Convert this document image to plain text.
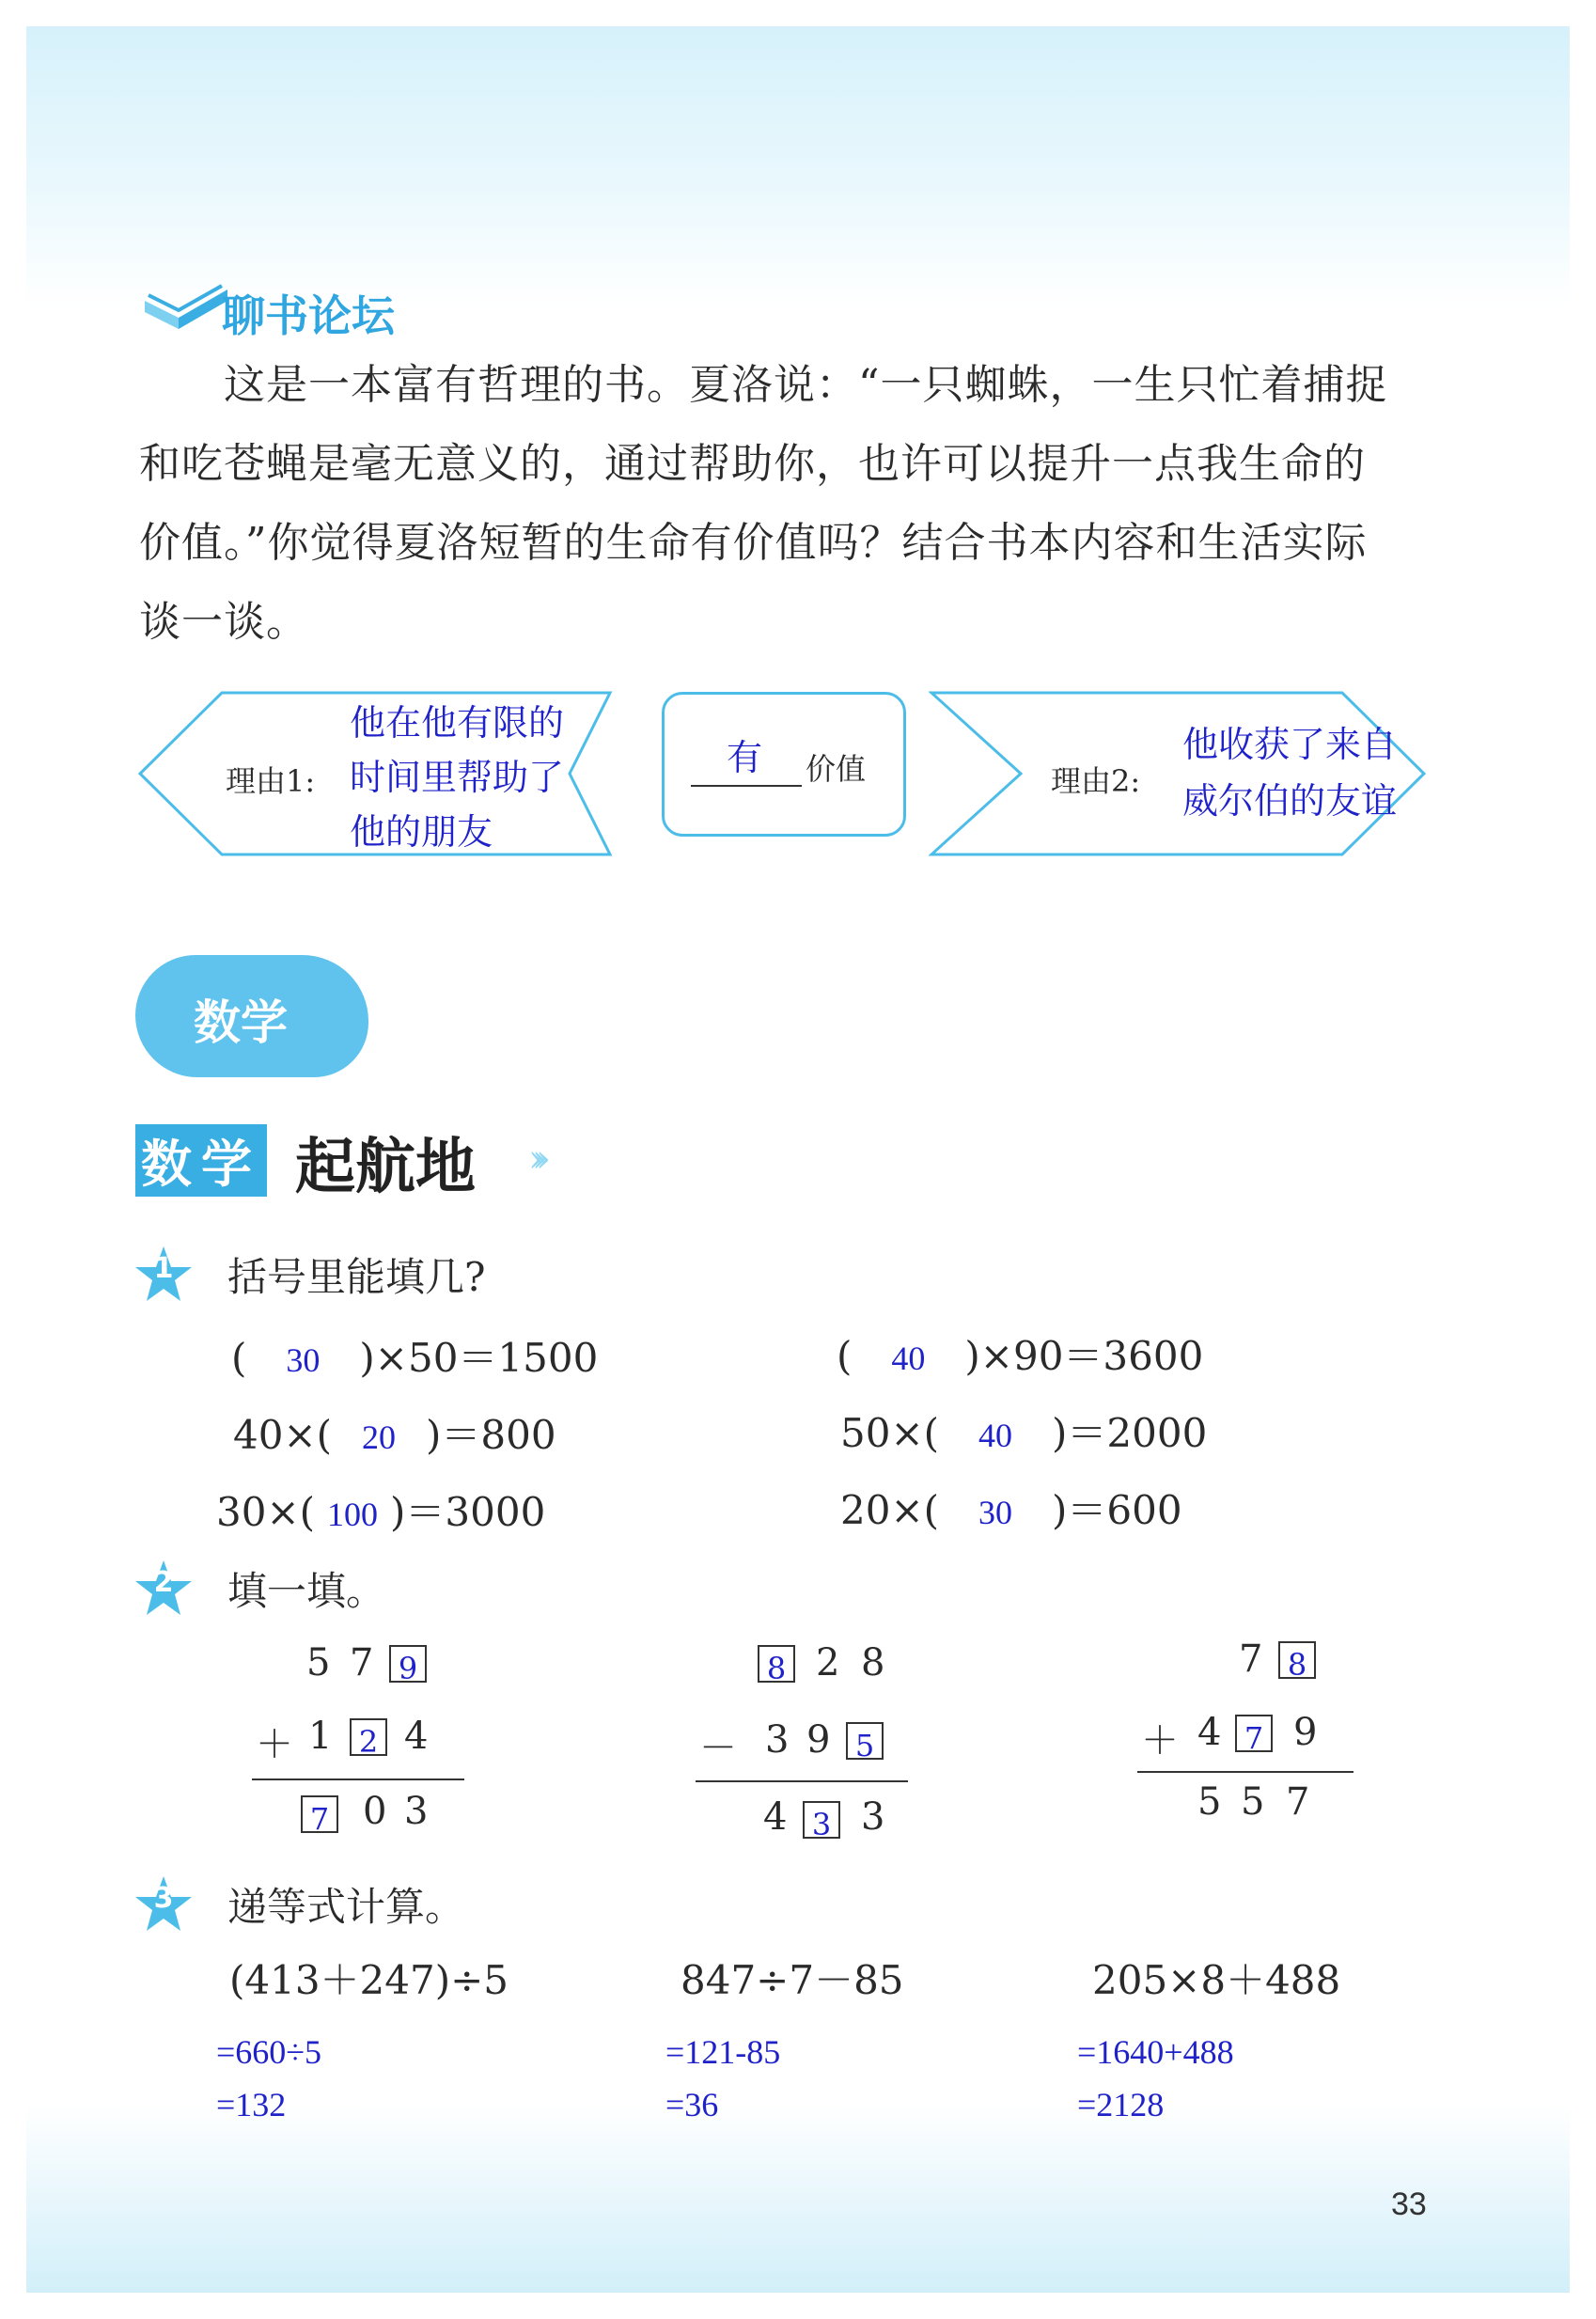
聊书论坛
这是一本富有哲理的书。夏洛说：“一只蜘蛛，一生只忙着捕捉
和吃苍蝇是毫无意义的，通过帮助你，也许可以提升一点我生命的
价值。”你觉得夏洛短暂的生命有价值吗？结合书本内容和生活实际
谈一谈。
理由1:
他在他有限的
时间里帮助了
他的朋友
有 价值	理由2:
他收获了来自
威尔伯的友谊
数学
数学 起航地 ›››
1	括号里能填几?
( 30 )×50＝1500	( 40 )×90＝3600
40×( 20 )＝800	50×( 40 )＝2000
30×( 100 )＝3000	20×( 30 )＝600
2	填一填。
5 7 9
＋ 1 2 4
7 0 3
8 2 8
－ 3 9 5
4 3 3
7 8
＋ 4 7 9
5 5 7
3	递等式计算。
(413＋247)÷5	847÷7－85	205×8＋488
=660÷5
=132
=121-85
=36
=1640+488
=2128
33
